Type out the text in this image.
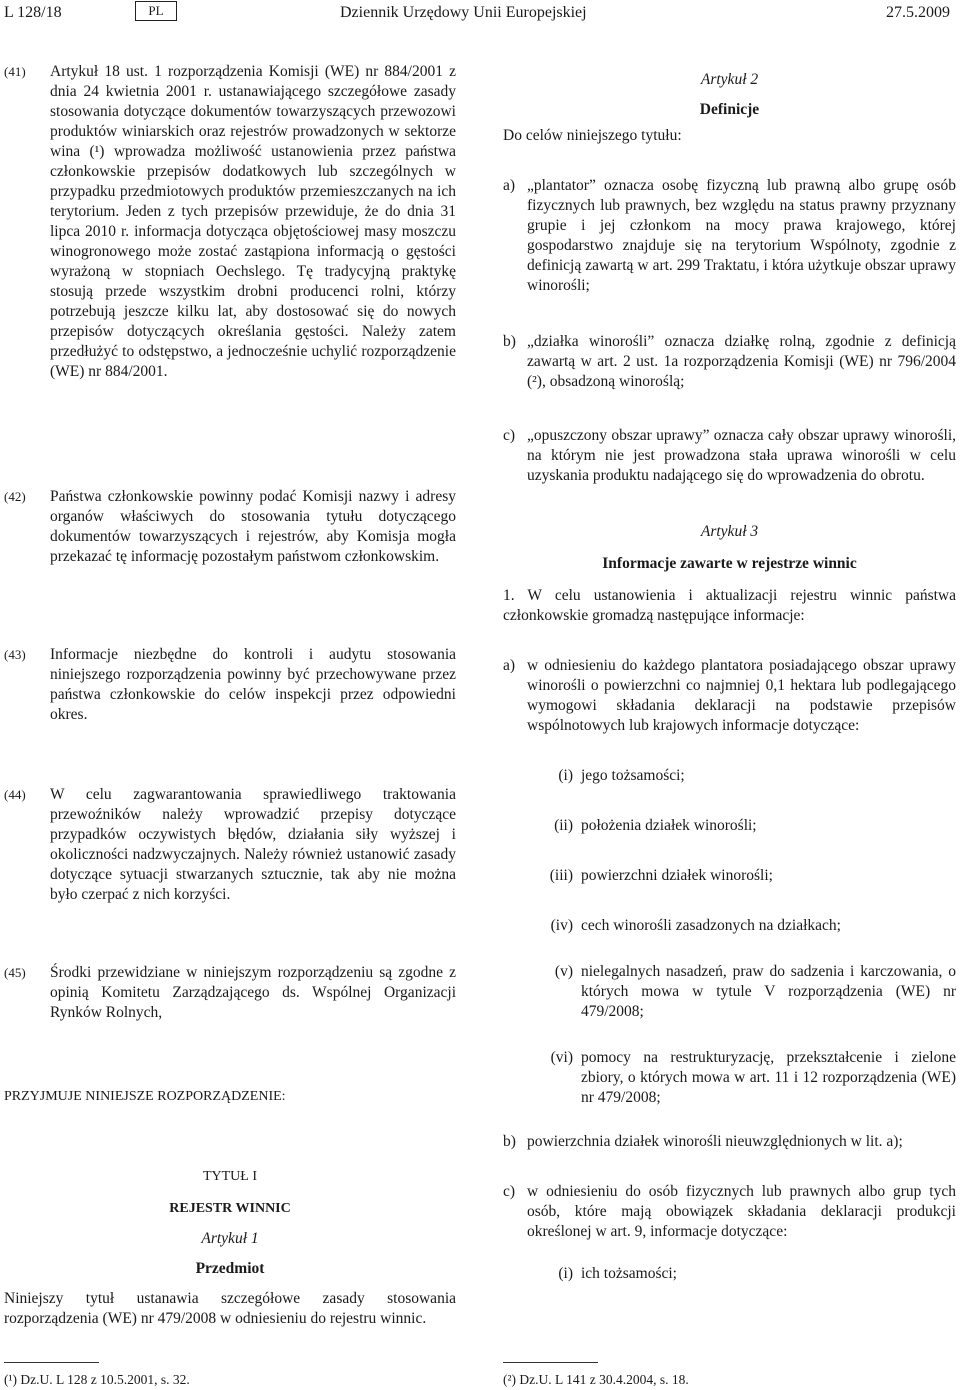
L 128/18	PL	Dziennik Urzędowy Unii Europejskiej	27.5.2009
(41) Artykuł 18 ust. 1 rozporządzenia Komisji (WE) nr 884/2001 z dnia 24 kwietnia 2001 r. ustanawiającego szczegółowe zasady stosowania dotyczące dokumentów towarzyszących przewozowi produktów winiarskich oraz rejestrów prowadzonych w sektorze wina (¹) wprowadza możliwość ustanowienia przez państwa członkowskie przepisów dodatkowych lub szczególnych w przypadku przedmiotowych produktów przemieszczanych na ich terytorium. Jeden z tych przepisów przewiduje, że do dnia 31 lipca 2010 r. informacja dotycząca objętościowej masy moszczu winogronowego może zostać zastąpiona informacją o gęstości wyrażoną w stopniach Oechslego. Tę tradycyjną praktykę stosują przede wszystkim drobni producenci rolni, którzy potrzebują jeszcze kilku lat, aby dostosować się do nowych przepisów dotyczących określania gęstości. Należy zatem przedłużyć to odstępstwo, a jednocześnie uchylić rozporządzenie (WE) nr 884/2001.
(42) Państwa członkowskie powinny podać Komisji nazwy i adresy organów właściwych do stosowania tytułu dotyczącego dokumentów towarzyszących i rejestrów, aby Komisja mogła przekazać tę informację pozostałym państwom członkowskim.
(43) Informacje niezbędne do kontroli i audytu stosowania niniejszego rozporządzenia powinny być przechowywane przez państwa członkowskie do celów inspekcji przez odpowiedni okres.
(44) W celu zagwarantowania sprawiedliwego traktowania przewoźników należy wprowadzić przepisy dotyczące przypadków oczywistych błędów, działania siły wyższej i okoliczności nadzwyczajnych. Należy również ustanowić zasady dotyczące sytuacji stwarzanych sztucznie, tak aby nie można było czerpać z nich korzyści.
(45) Środki przewidziane w niniejszym rozporządzeniu są zgodne z opinią Komitetu Zarządzającego ds. Wspólnej Organizacji Rynków Rolnych,

PRZYJMUJE NINIEJSZE ROZPORZĄDZENIE:

TYTUŁ I
REJESTR WINNIC
Artykuł 1
Przedmiot

Niniejszy tytuł ustanawia szczegółowe zasady stosowania rozporządzenia (WE) nr 479/2008 w odniesieniu do rejestru winnic.

(¹) Dz.U. L 128 z 10.5.2001, s. 32.
Artykuł 2
Definicje

Do celów niniejszego tytułu:

a) „plantator” oznacza osobę fizyczną lub prawną albo grupę osób fizycznych lub prawnych, bez względu na status prawny przyznany grupie i jej członkom na mocy prawa krajowego, której gospodarstwo znajduje się na terytorium Wspólnoty, zgodnie z definicją zawartą w art. 299 Traktatu, i która użytkuje obszar uprawy winorośli;
b) „działka winorośli” oznacza działkę rolną, zgodnie z definicją zawartą w art. 2 ust. 1a rozporządzenia Komisji (WE) nr 796/2004 (²), obsadzoną winoroślą;
c) „opuszczony obszar uprawy” oznacza cały obszar uprawy winorośli, na którym nie jest prowadzona stała uprawa winorośli w celu uzyskania produktu nadającego się do wprowadzenia do obrotu.
Artykuł 3
Informacje zawarte w rejestrze winnic

1. W celu ustanowienia i aktualizacji rejestru winnic państwa członkowskie gromadzą następujące informacje:

a) w odniesieniu do każdego plantatora posiadającego obszar uprawy winorośli o powierzchni co najmniej 0,1 hektara lub podlegającego wymogowi składania deklaracji na podstawie przepisów wspólnotowych lub krajowych informacje dotyczące:
(i) jego tożsamości;
(ii) położenia działek winorośli;
(iii) powierzchni działek winorośli;
(iv) cech winorośli zasadzonych na działkach;
(v) nielegalnych nasadzeń, praw do sadzenia i karczowania, o których mowa w tytule V rozporządzenia (WE) nr 479/2008;
(vi) pomocy na restrukturyzację, przekształcenie i zielone zbiory, o których mowa w art. 11 i 12 rozporządzenia (WE) nr 479/2008;
b) powierzchnia działek winorośli nieuwzględnionych w lit. a);
c) w odniesieniu do osób fizycznych lub prawnych albo grup tych osób, które mają obowiązek składania deklaracji produkcji określonej w art. 9, informacje dotyczące:
(i) ich tożsamości;
(²) Dz.U. L 141 z 30.4.2004, s. 18.
